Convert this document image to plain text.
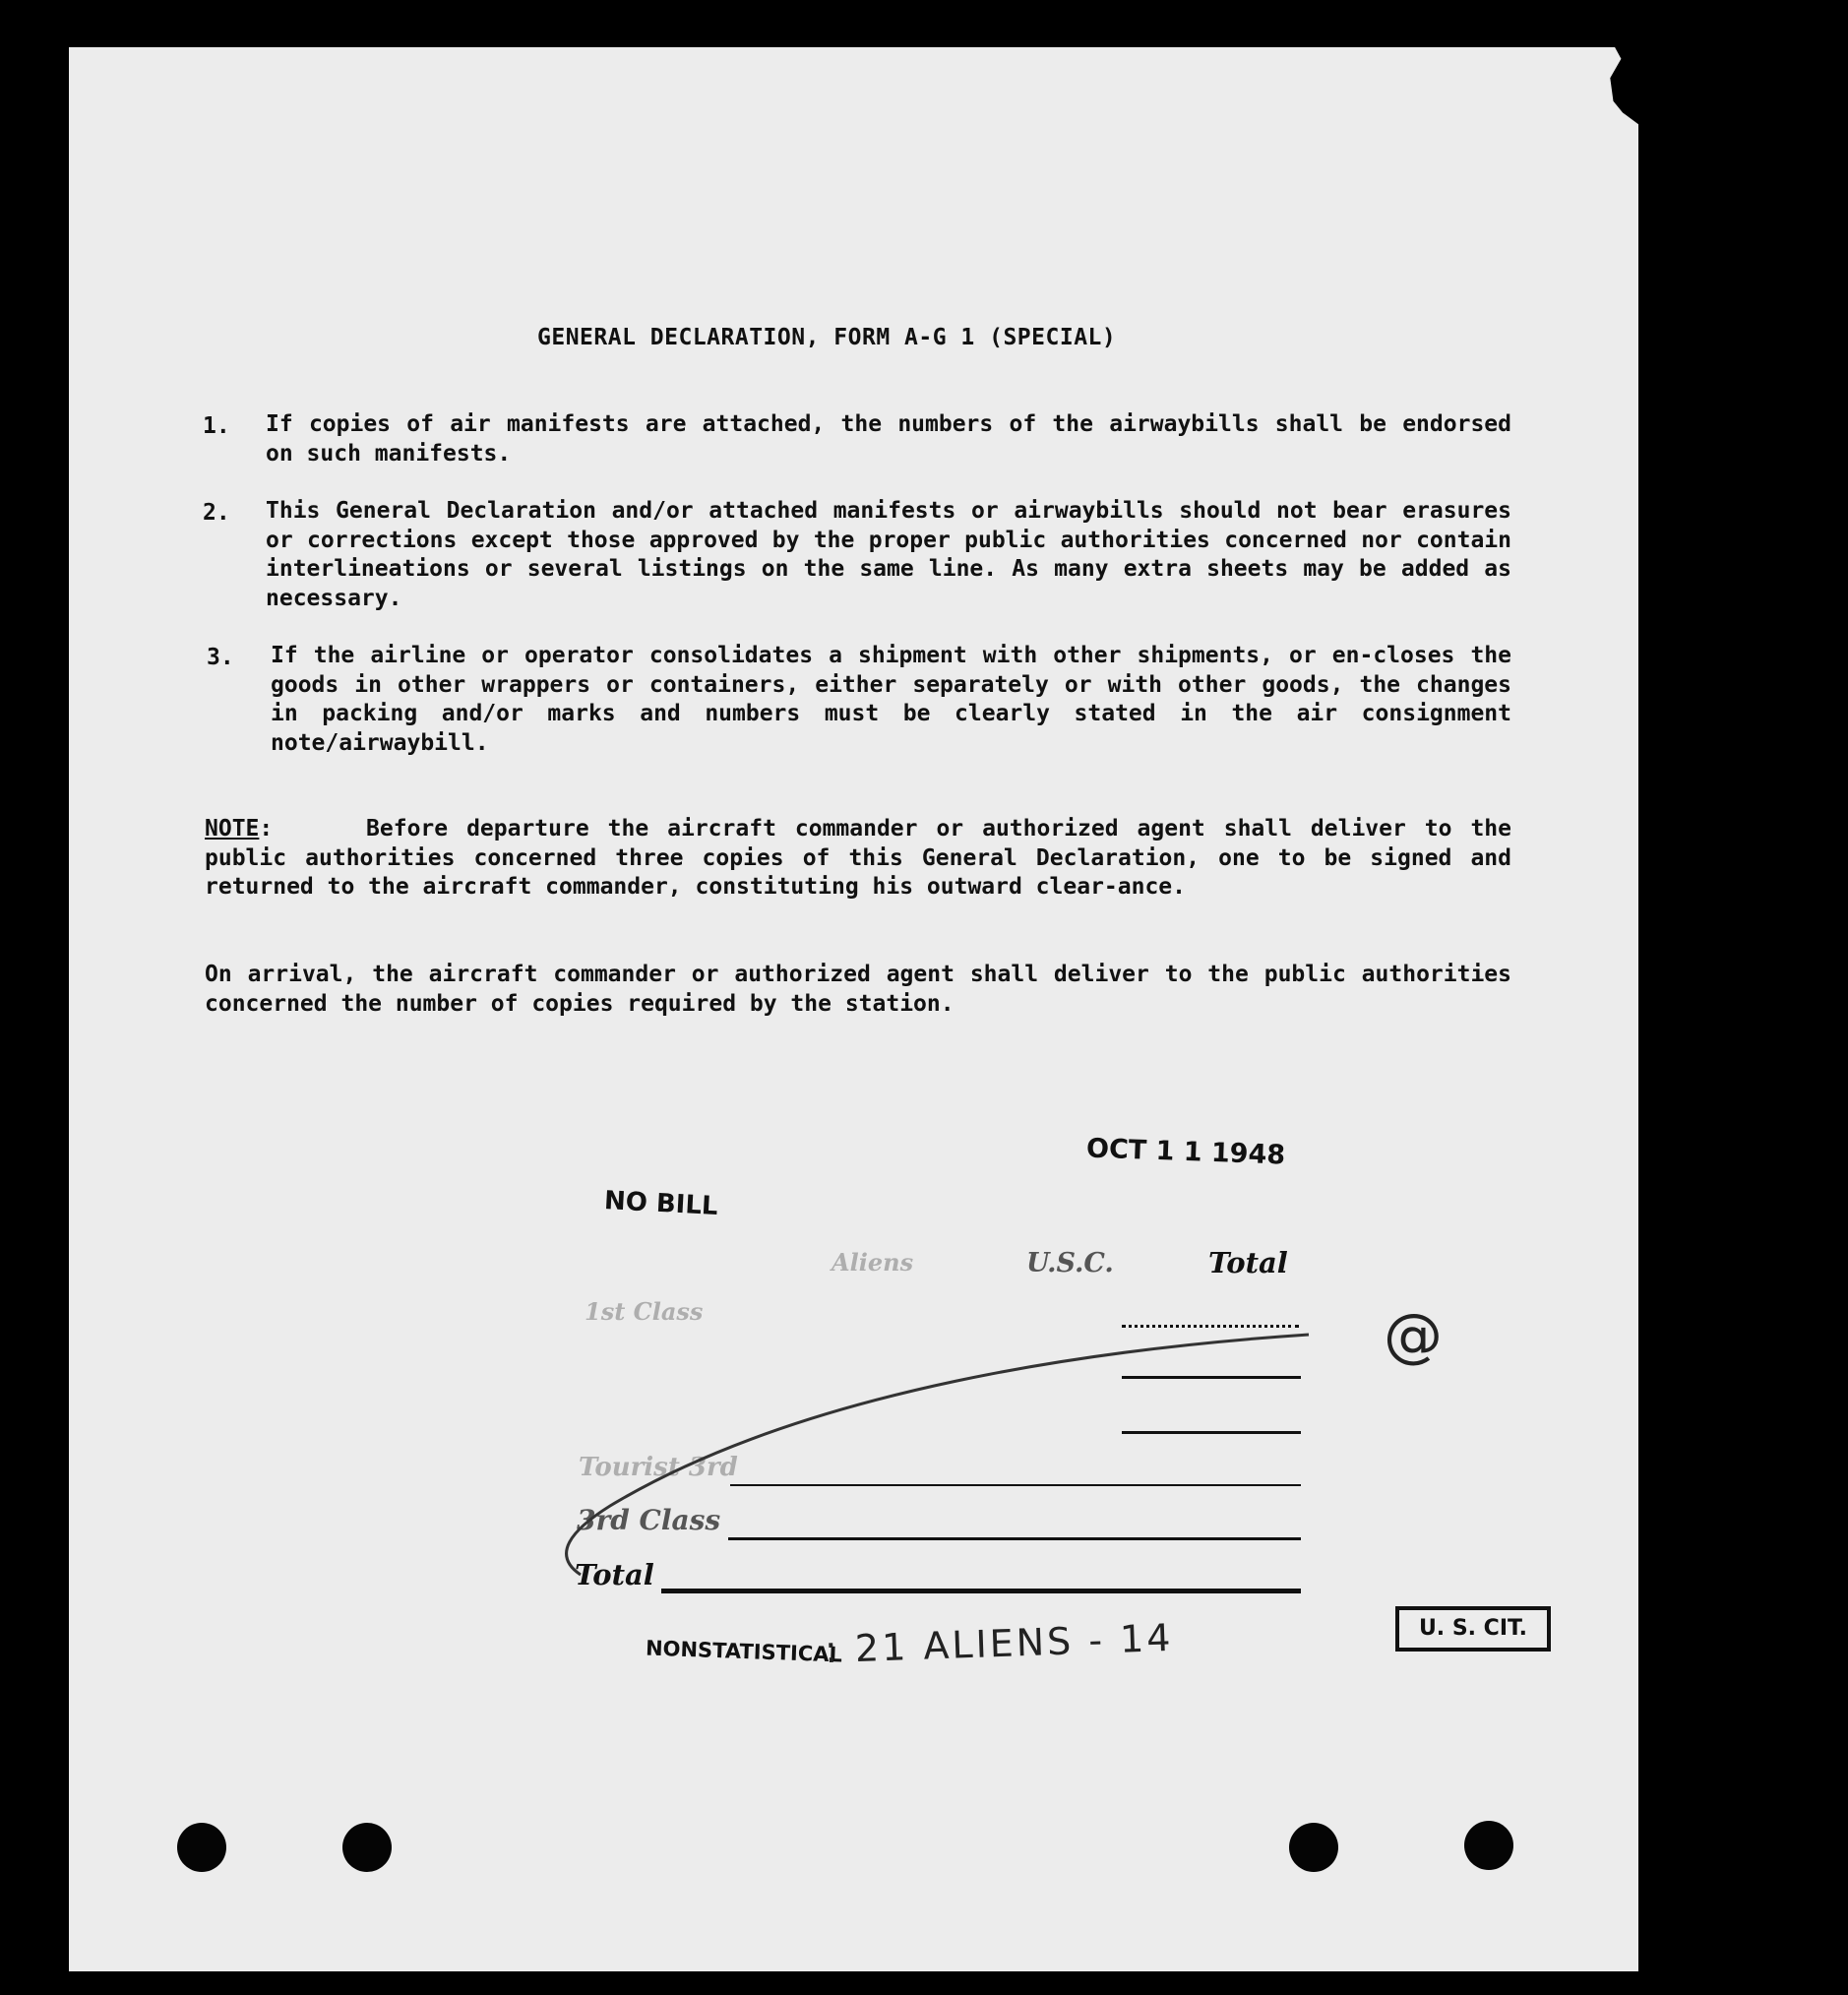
GENERAL DECLARATION, FORM A-G 1 (SPECIAL)
1. If copies of air manifests are attached, the numbers of the airwaybills shall be endorsed on such manifests.
2. This General Declaration and/or attached manifests or airwaybills should not bear erasures or corrections except those approved by the proper public authorities concerned nor contain interlineations or several listings on the same line. As many extra sheets may be added as necessary.
3. If the airline or operator consolidates a shipment with other shipments, or en-closes the goods in other wrappers or containers, either separately or with other goods, the changes in packing and/or marks and numbers must be clearly stated in the air consignment note/airwaybill.
NOTE:	Before departure the aircraft commander or authorized agent shall deliver to the public authorities concerned three copies of this General Declaration, one to be signed and returned to the aircraft commander, constituting his outward clear-ance.
On arrival, the aircraft commander or authorized agent shall deliver to the public authorities concerned the number of copies required by the station.
OCT 1 1 1948
NO BILL
Aliens	U.S.C.	Total
1st Class
Tourist 3rd
3rd Class
Total
NONSTATISTICAL
: 21 ALIENS - 14
@
U. S. CIT.
